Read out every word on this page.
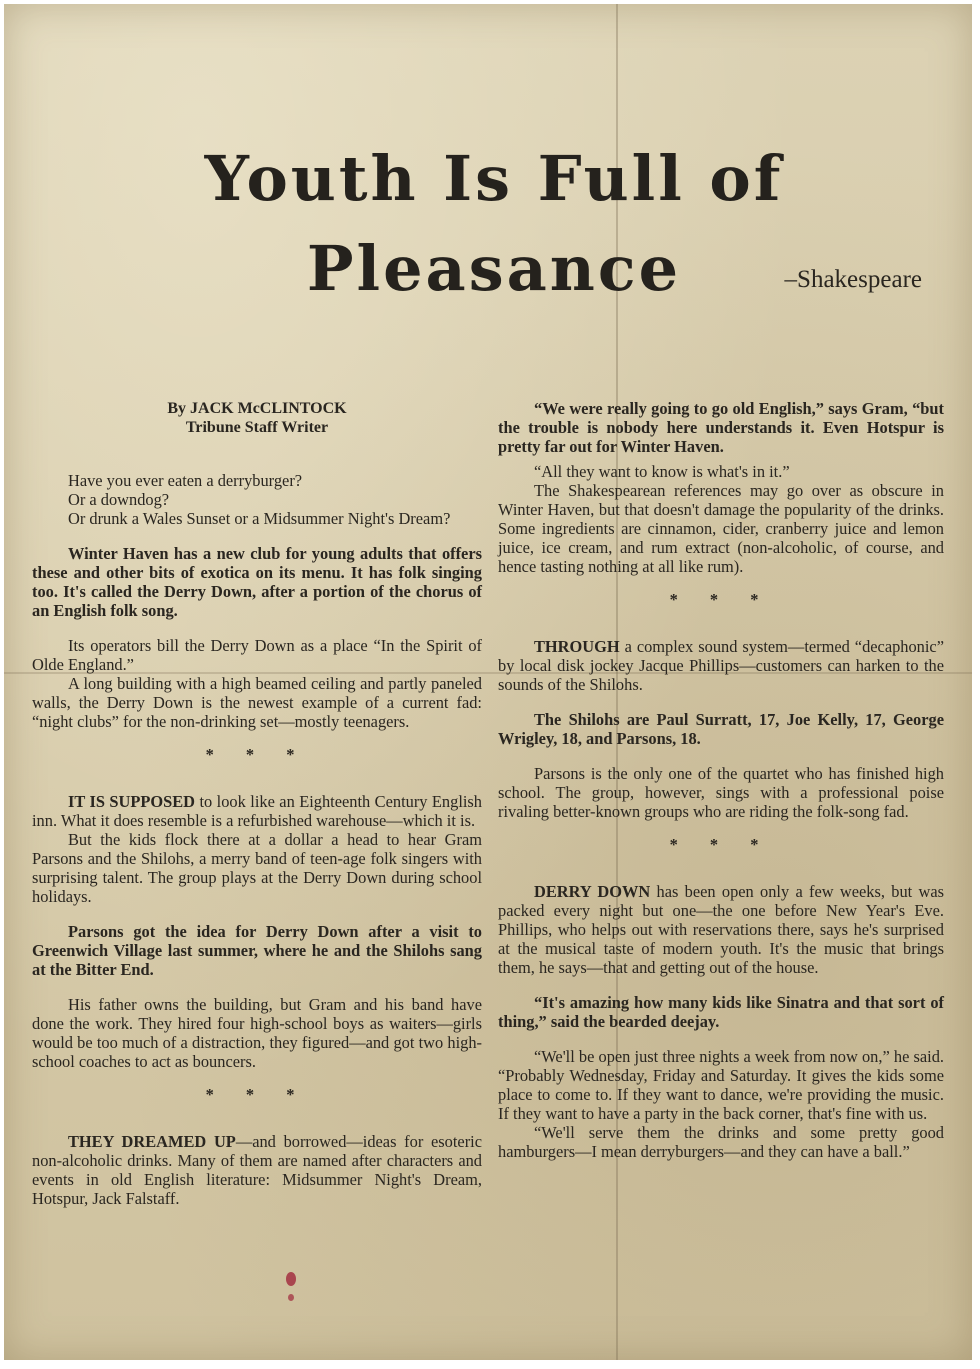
Youth Is Full of Pleasance	–Shakespeare
By JACK McCLINTOCK
Tribune Staff Writer

Have you ever eaten a derryburger?

Or a downdog?

Or drunk a Wales Sunset or a Midsummer Night's Dream?

Winter Haven has a new club for young adults that offers these and other bits of exotica on its menu. It has folk singing too. It's called the Derry Down, after a portion of the chorus of an English folk song.

Its operators bill the Derry Down as a place “In the Spirit of Olde England.”

A long building with a high beamed ceiling and partly paneled walls, the Derry Down is the newest example of a current fad: “night clubs” for the non-drinking set—mostly teenagers.

* * *

IT IS SUPPOSED to look like an Eighteenth Century English inn. What it does resemble is a refurbished warehouse—which it is.

But the kids flock there at a dollar a head to hear Gram Parsons and the Shilohs, a merry band of teen-age folk singers with surprising talent. The group plays at the Derry Down during school holidays.

Parsons got the idea for Derry Down after a visit to Greenwich Village last summer, where he and the Shilohs sang at the Bitter End.

His father owns the building, but Gram and his band have done the work. They hired four high-school boys as waiters—girls would be too much of a distraction, they figured—and got two high-school coaches to act as bouncers.

* * *

THEY DREAMED UP—and borrowed—ideas for esoteric non-alcoholic drinks. Many of them are named after characters and events in old English literature: Midsummer Night's Dream, Hotspur, Jack Falstaff.

“We were really going to go old English,” says Gram, “but the trouble is nobody here understands it. Even Hotspur is pretty far out for Winter Haven.

“All they want to know is what's in it.”

The Shakespearean references may go over as obscure in Winter Haven, but that doesn't damage the popularity of the drinks. Some ingredients are cinnamon, cider, cranberry juice and lemon juice, ice cream, and rum extract (non-alcoholic, of course, and hence tasting nothing at all like rum).

* * *

THROUGH a complex sound system—termed “decaphonic” by local disk jockey Jacque Phillips—customers can harken to the sounds of the Shilohs.

The Shilohs are Paul Surratt, 17, Joe Kelly, 17, George Wrigley, 18, and Parsons, 18.

Parsons is the only one of the quartet who has finished high school. The group, however, sings with a professional poise rivaling better-known groups who are riding the folk-song fad.

* * *

DERRY DOWN has been open only a few weeks, but was packed every night but one—the one before New Year's Eve. Phillips, who helps out with reservations there, says he's surprised at the musical taste of modern youth. It's the music that brings them, he says—that and getting out of the house.

“It's amazing how many kids like Sinatra and that sort of thing,” said the bearded deejay.

“We'll be open just three nights a week from now on,” he said. “Probably Wednesday, Friday and Saturday. It gives the kids some place to come to. If they want to dance, we're providing the music. If they want to have a party in the back corner, that's fine with us.

“We'll serve them the drinks and some pretty good hamburgers—I mean derryburgers—and they can have a ball.”
